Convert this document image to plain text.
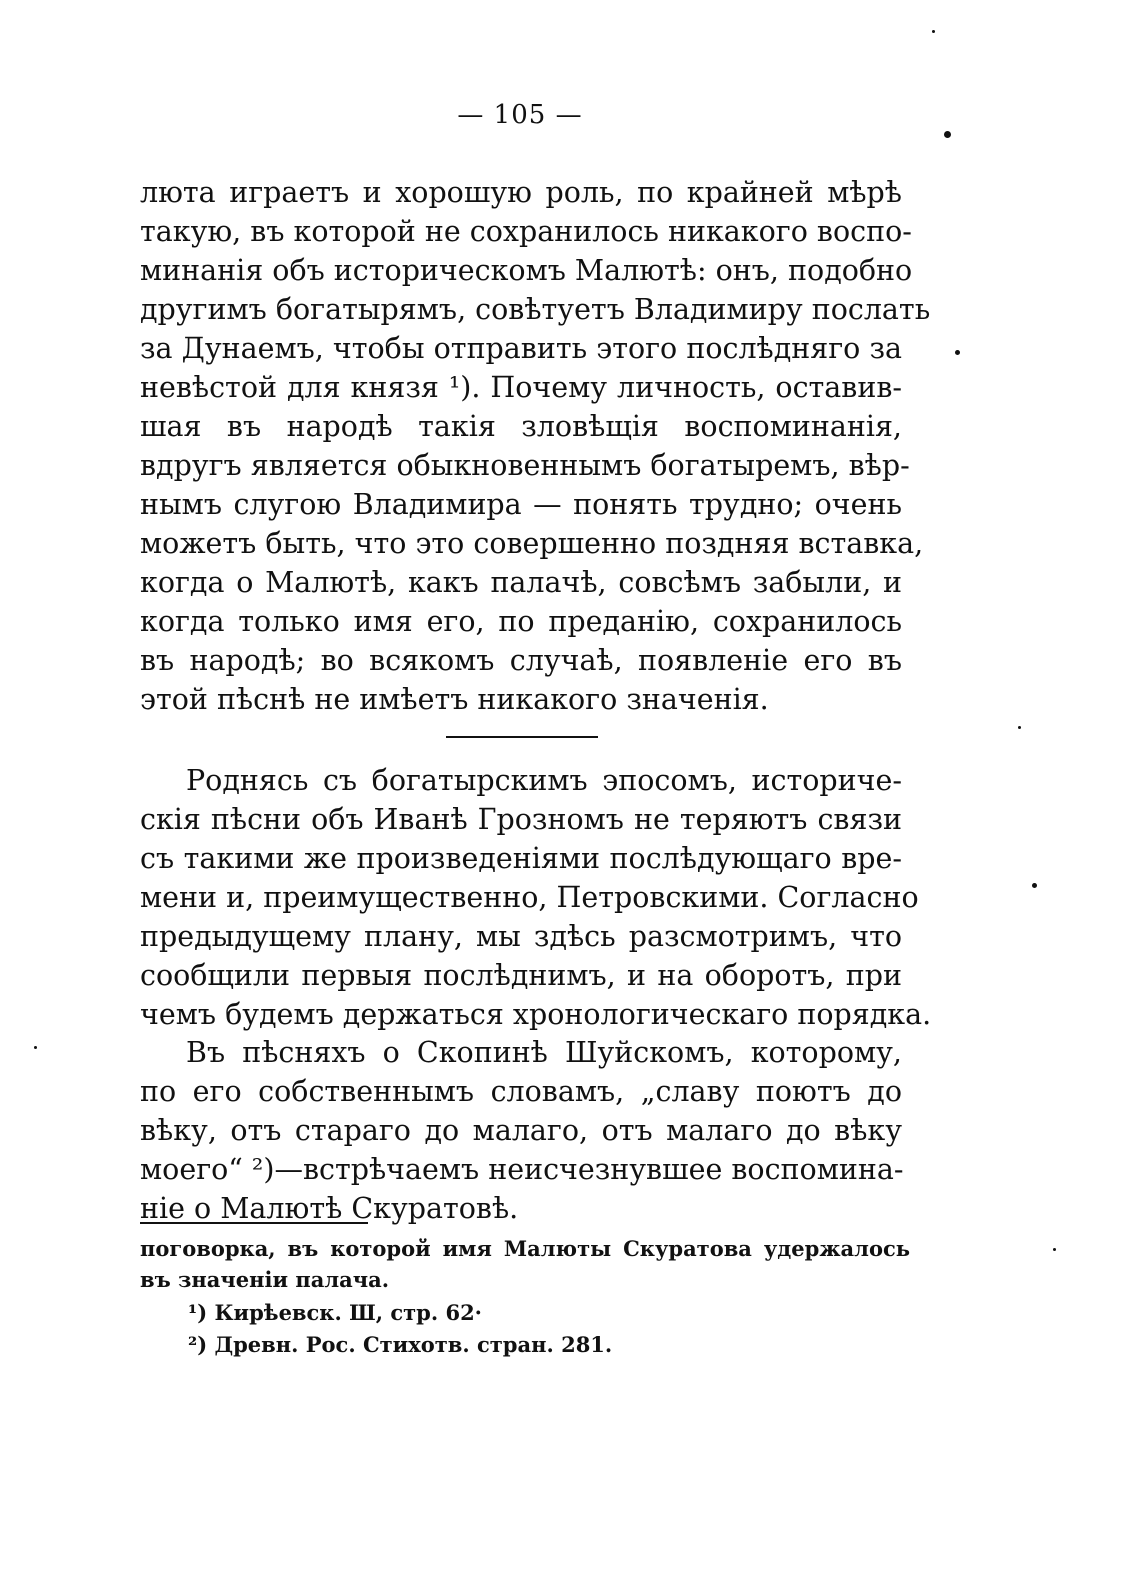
— 105 —
люта играетъ и хорошую роль, по крайней мѣрѣ
такую, въ которой не сохранилось никакого воспо-
минанія объ историческомъ Малютѣ: онъ, подобно
другимъ богатырямъ, совѣтуетъ Владимиру послать
за Дунаемъ, чтобы отправить этого послѣдняго за
невѣстой для князя ¹). Почему личность, оставив-
шая въ народѣ такія зловѣщія воспоминанія,
вдругъ является обыкновеннымъ богатыремъ, вѣр-
нымъ слугою Владимира — понять трудно; очень
можетъ быть, что это совершенно поздняя вставка,
когда о Малютѣ, какъ палачѣ, совсѣмъ забыли, и
когда только имя его, по преданію, сохранилось
въ народѣ; во всякомъ случаѣ, появленіе его въ
этой пѣснѣ не имѣетъ никакого значенія.
Роднясь съ богатырскимъ эпосомъ, историче-
скія пѣсни объ Иванѣ Грозномъ не теряютъ связи
съ такими же произведеніями послѣдующаго вре-
мени и, преимущественно, Петровскими. Согласно
предыдущему плану, мы здѣсь разсмотримъ, что
сообщили первыя послѣднимъ, и на оборотъ, при
чемъ будемъ держаться хронологическаго порядка.
Въ пѣсняхъ о Скопинѣ Шуйскомъ, которому,
по его собственнымъ словамъ, „славу поютъ до
вѣку, отъ стараго до малаго, отъ малаго до вѣку
моего“ ²)—встрѣчаемъ неисчезнувшее воспомина-
ніе о Малютѣ Скуратовѣ.
поговорка, въ которой имя Малюты Скуратова удержалось
въ значеніи палача.
¹) Кирѣевск. Ш, стр. 62·
²) Древн. Рос. Стихотв. стран. 281.
